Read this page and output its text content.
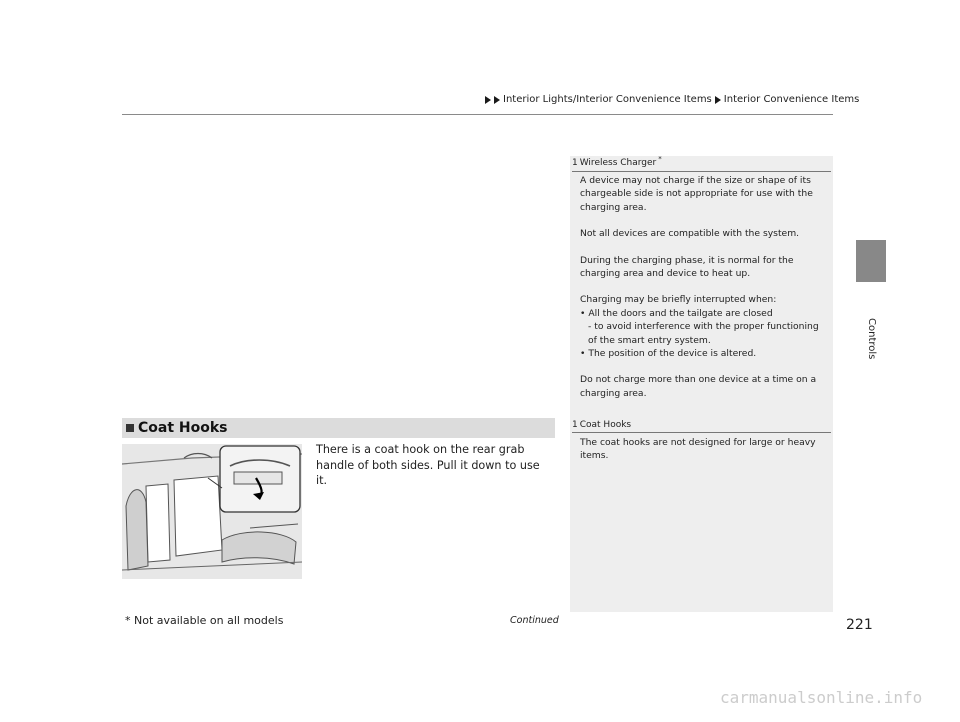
Interior Lights/Interior Convenience Items Interior Convenience Items
Controls
1 Wireless Charger *

A device may not charge if the size or shape of its chargeable side is not appropriate for use with the charging area.

Not all devices are compatible with the system.

During the charging phase, it is normal for the charging area and device to heat up.

Charging may be briefly interrupted when:
• All the doors and the tailgate are closed
- to avoid interference with the proper functioning of the smart entry system.
• The position of the device is altered.

Do not charge more than one device at a time on a charging area.

1 Coat Hooks

The coat hooks are not designed for large or heavy items.

Coat Hooks
There is a coat hook on the rear grab handle of both sides. Pull it down to use it.
* Not available on all models	Continued	221
carmanualsonline.info
